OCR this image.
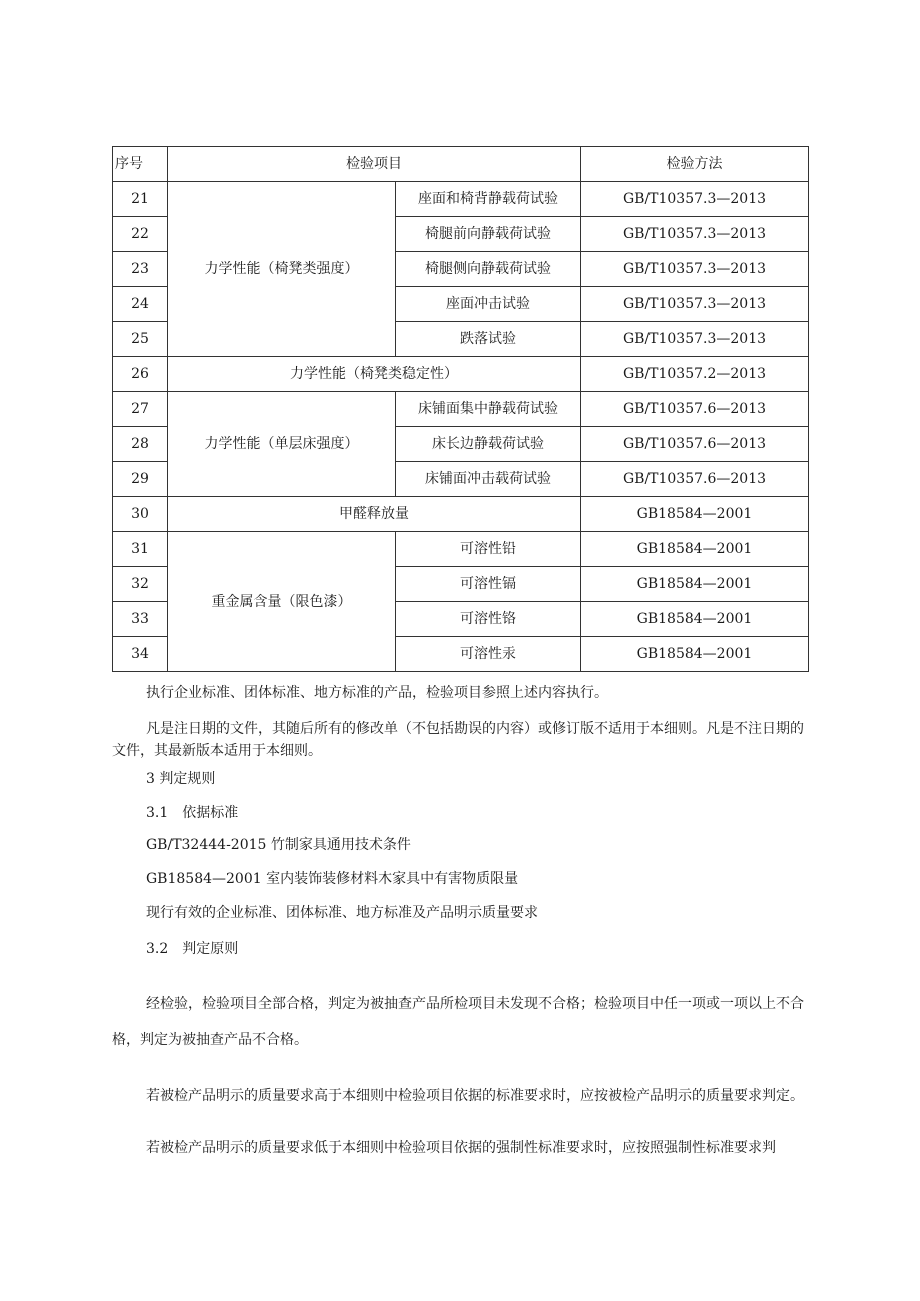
序号	检验项目		检验方法
21	力学性能（椅凳类强度）	座面和椅背静载荷试验	GB/T10357.3—2013
22		椅腿前向静载荷试验	GB/T10357.3—2013
23		椅腿侧向静载荷试验	GB/T10357.3—2013
24		座面冲击试验	GB/T10357.3—2013
25		跌落试验	GB/T10357.3—2013
26	力学性能（椅凳类稳定性）		GB/T10357.2—2013
27	力学性能（单层床强度）	床铺面集中静载荷试验	GB/T10357.6—2013
28		床长边静载荷试验	GB/T10357.6—2013
29		床铺面冲击载荷试验	GB/T10357.6—2013
30	甲醛释放量		GB18584—2001
31	重金属含量（限色漆）	可溶性铅	GB18584—2001
32		可溶性镉	GB18584—2001
33		可溶性铬	GB18584—2001
34		可溶性汞	GB18584—2001

执行企业标准、团体标准、地方标准的产品，检验项目参照上述内容执行。

凡是注日期的文件，其随后所有的修改单（不包括勘误的内容）或修订版不适用于本细则。凡是不注日期的文件，其最新版本适用于本细则。

3 判定规则

3.1　依据标准

GB/T32444-2015 竹制家具通用技术条件

GB18584—2001 室内装饰装修材料木家具中有害物质限量

现行有效的企业标准、团体标准、地方标准及产品明示质量要求

3.2　判定原则

经检验，检验项目全部合格，判定为被抽查产品所检项目未发现不合格；检验项目中任一项或一项以上不合格，判定为被抽查产品不合格。

若被检产品明示的质量要求高于本细则中检验项目依据的标准要求时，应按被检产品明示的质量要求判定。

若被检产品明示的质量要求低于本细则中检验项目依据的强制性标准要求时，应按照强制性标准要求判
